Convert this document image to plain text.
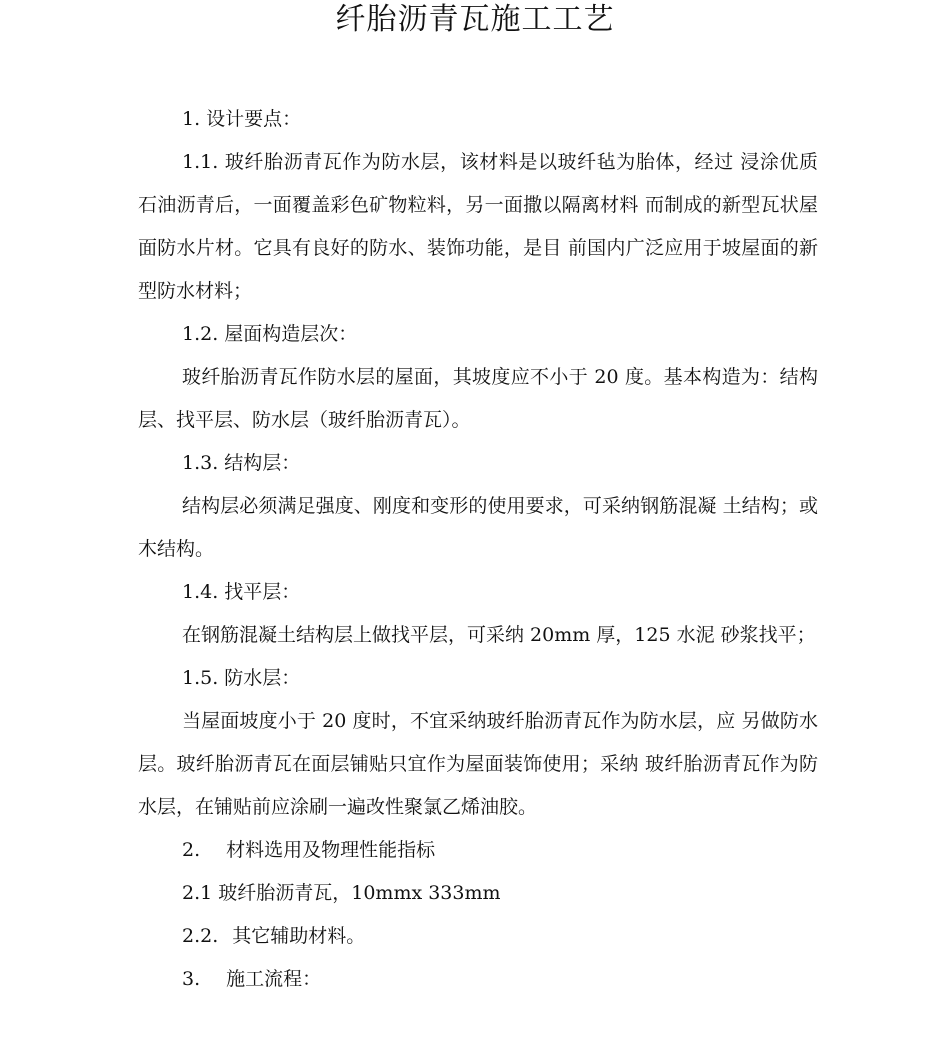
纤胎沥青瓦施工工艺

1. 设计要点：

1.1. 玻纤胎沥青瓦作为防水层，该材料是以玻纤毡为胎体，经过 浸涂优质石油沥青后，一面覆盖彩色矿物粒料，另一面撒以隔离材料 而制成的新型瓦状屋面防水片材。它具有良好的防水、装饰功能，是目 前国内广泛应用于坡屋面的新型防水材料；

1.2. 屋面构造层次：

玻纤胎沥青瓦作防水层的屋面，其坡度应不小于 20 度。基本构造为：结构层、找平层、防水层（玻纤胎沥青瓦）。

1.3. 结构层：

结构层必须满足强度、刚度和变形的使用要求，可采纳钢筋混凝 土结构；或木结构。

1.4. 找平层：

在钢筋混凝土结构层上做找平层，可采纳 20mm 厚，125 水泥 砂浆找平；

1.5. 防水层：

当屋面坡度小于 20 度时，不宜采纳玻纤胎沥青瓦作为防水层，应 另做防水层。玻纤胎沥青瓦在面层铺贴只宜作为屋面装饰使用；采纳 玻纤胎沥青瓦作为防水层，在铺贴前应涂刷一遍改性聚氯乙烯油胶。

2. 材料选用及物理性能指标

2.1 玻纤胎沥青瓦，10mmx 333mm

2.2. 其它辅助材料。

3. 施工流程：
